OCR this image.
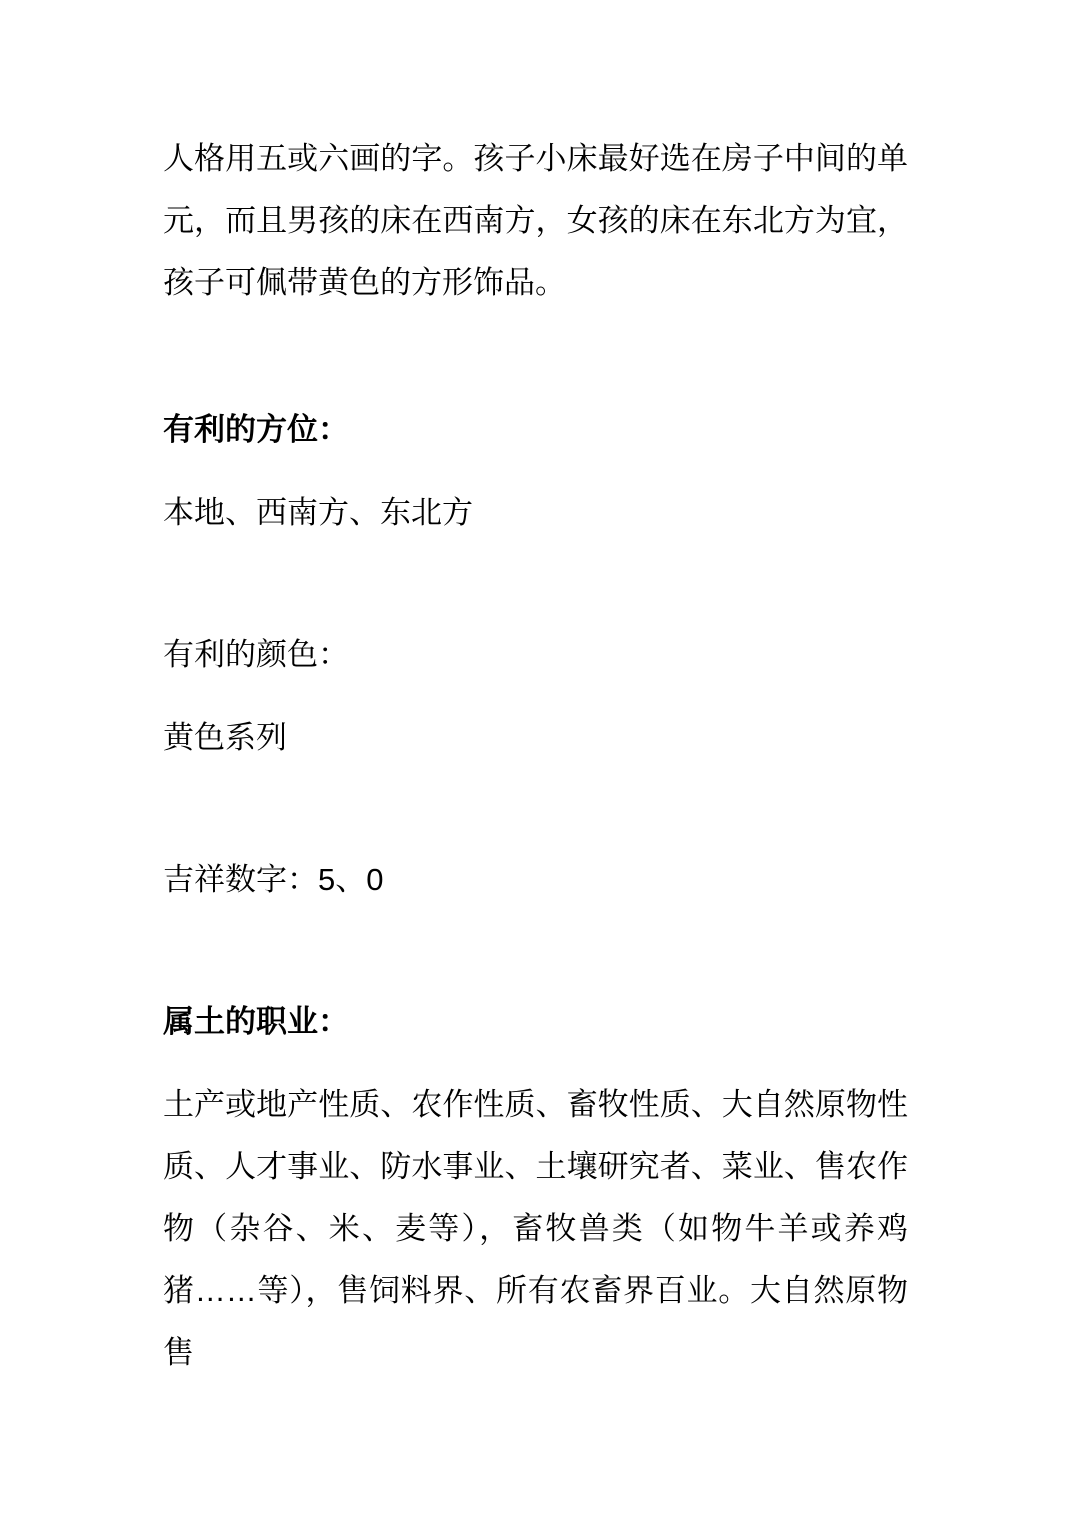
人格用五或六画的字。孩子小床最好选在房子中间的单元，而且男孩的床在西南方，女孩的床在东北方为宜，孩子可佩带黄色的方形饰品。

有利的方位：

本地、西南方、东北方

有利的颜色：

黄色系列

吉祥数字：5、0

属土的职业：

土产或地产性质、农作性质、畜牧性质、大自然原物性质、人才事业、防水事业、土壤研究者、菜业、售农作物（杂谷、米、麦等），畜牧兽类（如物牛羊或养鸡猪……等），售饲料界、所有农畜界百业。大自然原物售
